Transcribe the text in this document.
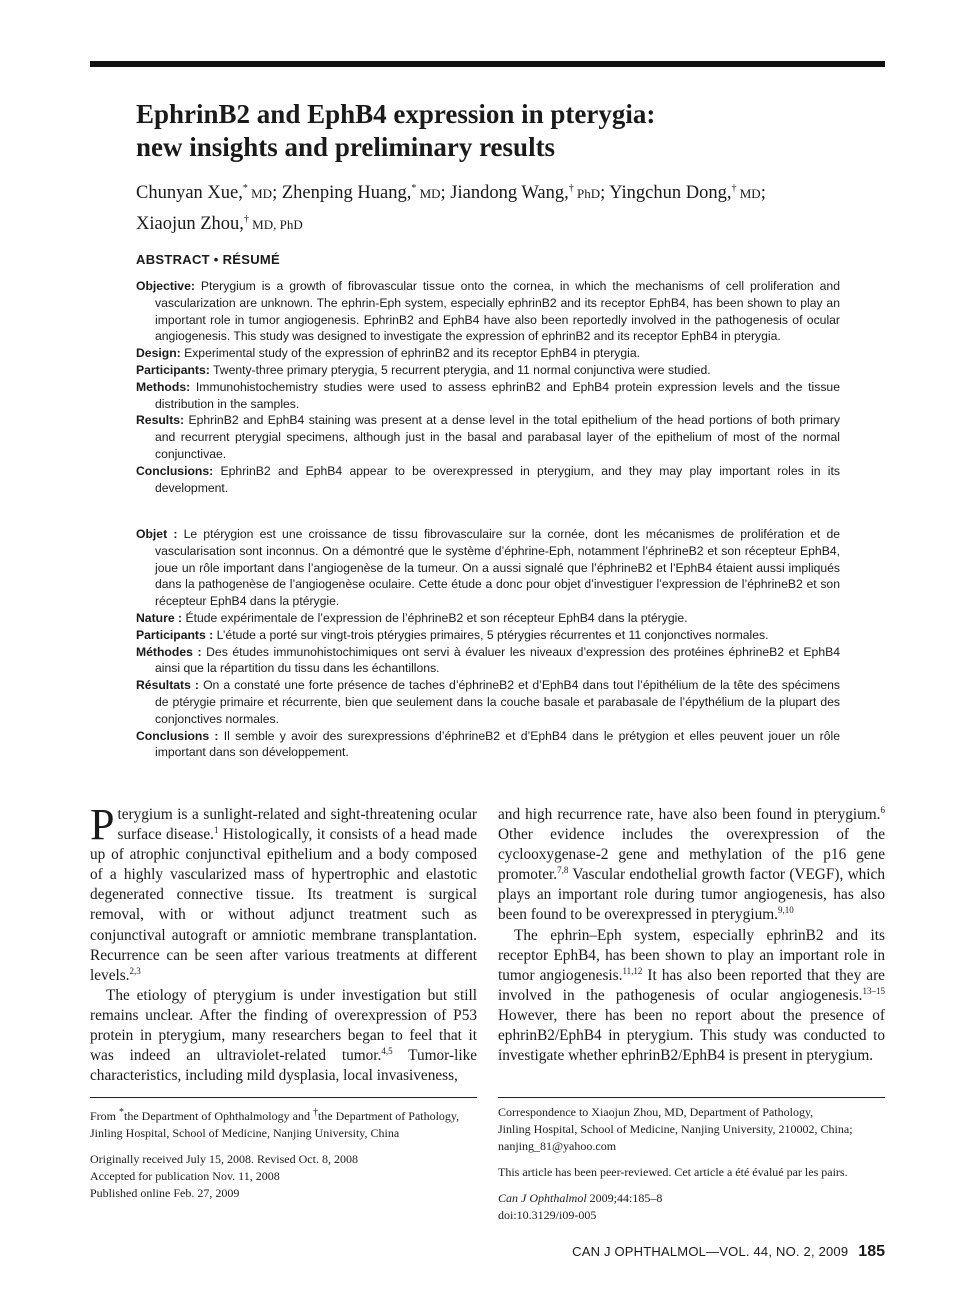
EphrinB2 and EphB4 expression in pterygia:
new insights and preliminary results
Chunyan Xue,* MD; Zhenping Huang,* MD; Jiandong Wang,† PhD; Yingchun Dong,† MD;
Xiaojun Zhou,† MD, PhD
ABSTRACT • RÉSUMÉ
Objective: Pterygium is a growth of fibrovascular tissue onto the cornea, in which the mechanisms of cell proliferation and vascularization are unknown. The ephrin-Eph system, especially ephrinB2 and its receptor EphB4, has been shown to play an important role in tumor angiogenesis. EphrinB2 and EphB4 have also been reportedly involved in the pathogenesis of ocular angiogenesis. This study was designed to investigate the expression of ephrinB2 and its receptor EphB4 in pterygia.
Design: Experimental study of the expression of ephrinB2 and its receptor EphB4 in pterygia.
Participants: Twenty-three primary pterygia, 5 recurrent pterygia, and 11 normal conjunctiva were studied.
Methods: Immunohistochemistry studies were used to assess ephrinB2 and EphB4 protein expression levels and the tissue distribution in the samples.
Results: EphrinB2 and EphB4 staining was present at a dense level in the total epithelium of the head portions of both primary and recurrent pterygial specimens, although just in the basal and parabasal layer of the epithelium of most of the normal conjunctivae.
Conclusions: EphrinB2 and EphB4 appear to be overexpressed in pterygium, and they may play important roles in its development.
Objet : Le ptérygion est une croissance de tissu fibrovasculaire sur la cornée, dont les mécanismes de prolifération et de vascularisation sont inconnus. On a démontré que le système d’éphrine-Eph, notamment l’éphrineB2 et son récepteur EphB4, joue un rôle important dans l’angiogenèse de la tumeur. On a aussi signalé que l’éphrineB2 et l’EphB4 étaient aussi impliqués dans la pathogenèse de l’angiogenèse oculaire. Cette étude a donc pour objet d’investiguer l’expression de l’éphrineB2 et son récepteur EphB4 dans la ptérygie.
Nature : Étude expérimentale de l’expression de l’éphrineB2 et son récepteur EphB4 dans la ptérygie.
Participants : L’étude a porté sur vingt-trois ptérygies primaires, 5 ptérygies récurrentes et 11 conjonctives normales.
Méthodes : Des études immunohistochimiques ont servi à évaluer les niveaux d’expression des protéines éphrineB2 et EphB4 ainsi que la répartition du tissu dans les échantillons.
Résultats : On a constaté une forte présence de taches d’éphrineB2 et d’EphB4 dans tout l’épithélium de la tête des spécimens de ptérygie primaire et récurrente, bien que seulement dans la couche basale et parabasale de l’épythélium de la plupart des conjonctives normales.
Conclusions : Il semble y avoir des surexpressions d’éphrineB2 et d’EphB4 dans le prétygion et elles peuvent jouer un rôle important dans son développement.

Pterygium is a sunlight-related and sight-threatening ocular surface disease.$^1$ Histologically, it consists of a head made up of atrophic conjunctival epithelium and a body composed of a highly vascularized mass of hypertrophic and elastotic degenerated connective tissue. Its treatment is surgical removal, with or without adjunct treatment such as conjunctival autograft or amniotic membrane transplantation. Recurrence can be seen after various treatments at different levels.$^{2,3}$

The etiology of pterygium is under investigation but still remains unclear. After the finding of overexpression of P53 protein in pterygium, many researchers began to feel that it was indeed an ultraviolet-related tumor.$^{4,5}$ Tumor-like characteristics, including mild dysplasia, local invasiveness,

and high recurrence rate, have also been found in pterygium.$^6$ Other evidence includes the overexpression of the cyclooxygenase-2 gene and methylation of the p16 gene promoter.$^{7,8}$ Vascular endothelial growth factor (VEGF), which plays an important role during tumor angiogenesis, has also been found to be overexpressed in pterygium.$^{9,10}$

The ephrin–Eph system, especially ephrinB2 and its receptor EphB4, has been shown to play an important role in tumor angiogenesis.$^{11,12}$ It has also been reported that they are involved in the pathogenesis of ocular angiogenesis.$^{13-15}$ However, there has been no report about the presence of ephrinB2/EphB4 in pterygium. This study was conducted to investigate whether ephrinB2/EphB4 is present in pterygium.

From *the Department of Ophthalmology and †the Department of Pathology, Jinling Hospital, School of Medicine, Nanjing University, China

Originally received July 15, 2008. Revised Oct. 8, 2008

Accepted for publication Nov. 11, 2008

Published online Feb. 27, 2009

Correspondence to Xiaojun Zhou, MD, Department of Pathology,
Jinling Hospital, School of Medicine, Nanjing University, 210002, China;
nanjing_81@yahoo.com

This article has been peer-reviewed. Cet article a été évalué par les pairs.

Can J Ophthalmol 2009;44:185–8

doi:10.3129/i09-005

CAN J OPHTHALMOL—VOL. 44, NO. 2, 2009 185
